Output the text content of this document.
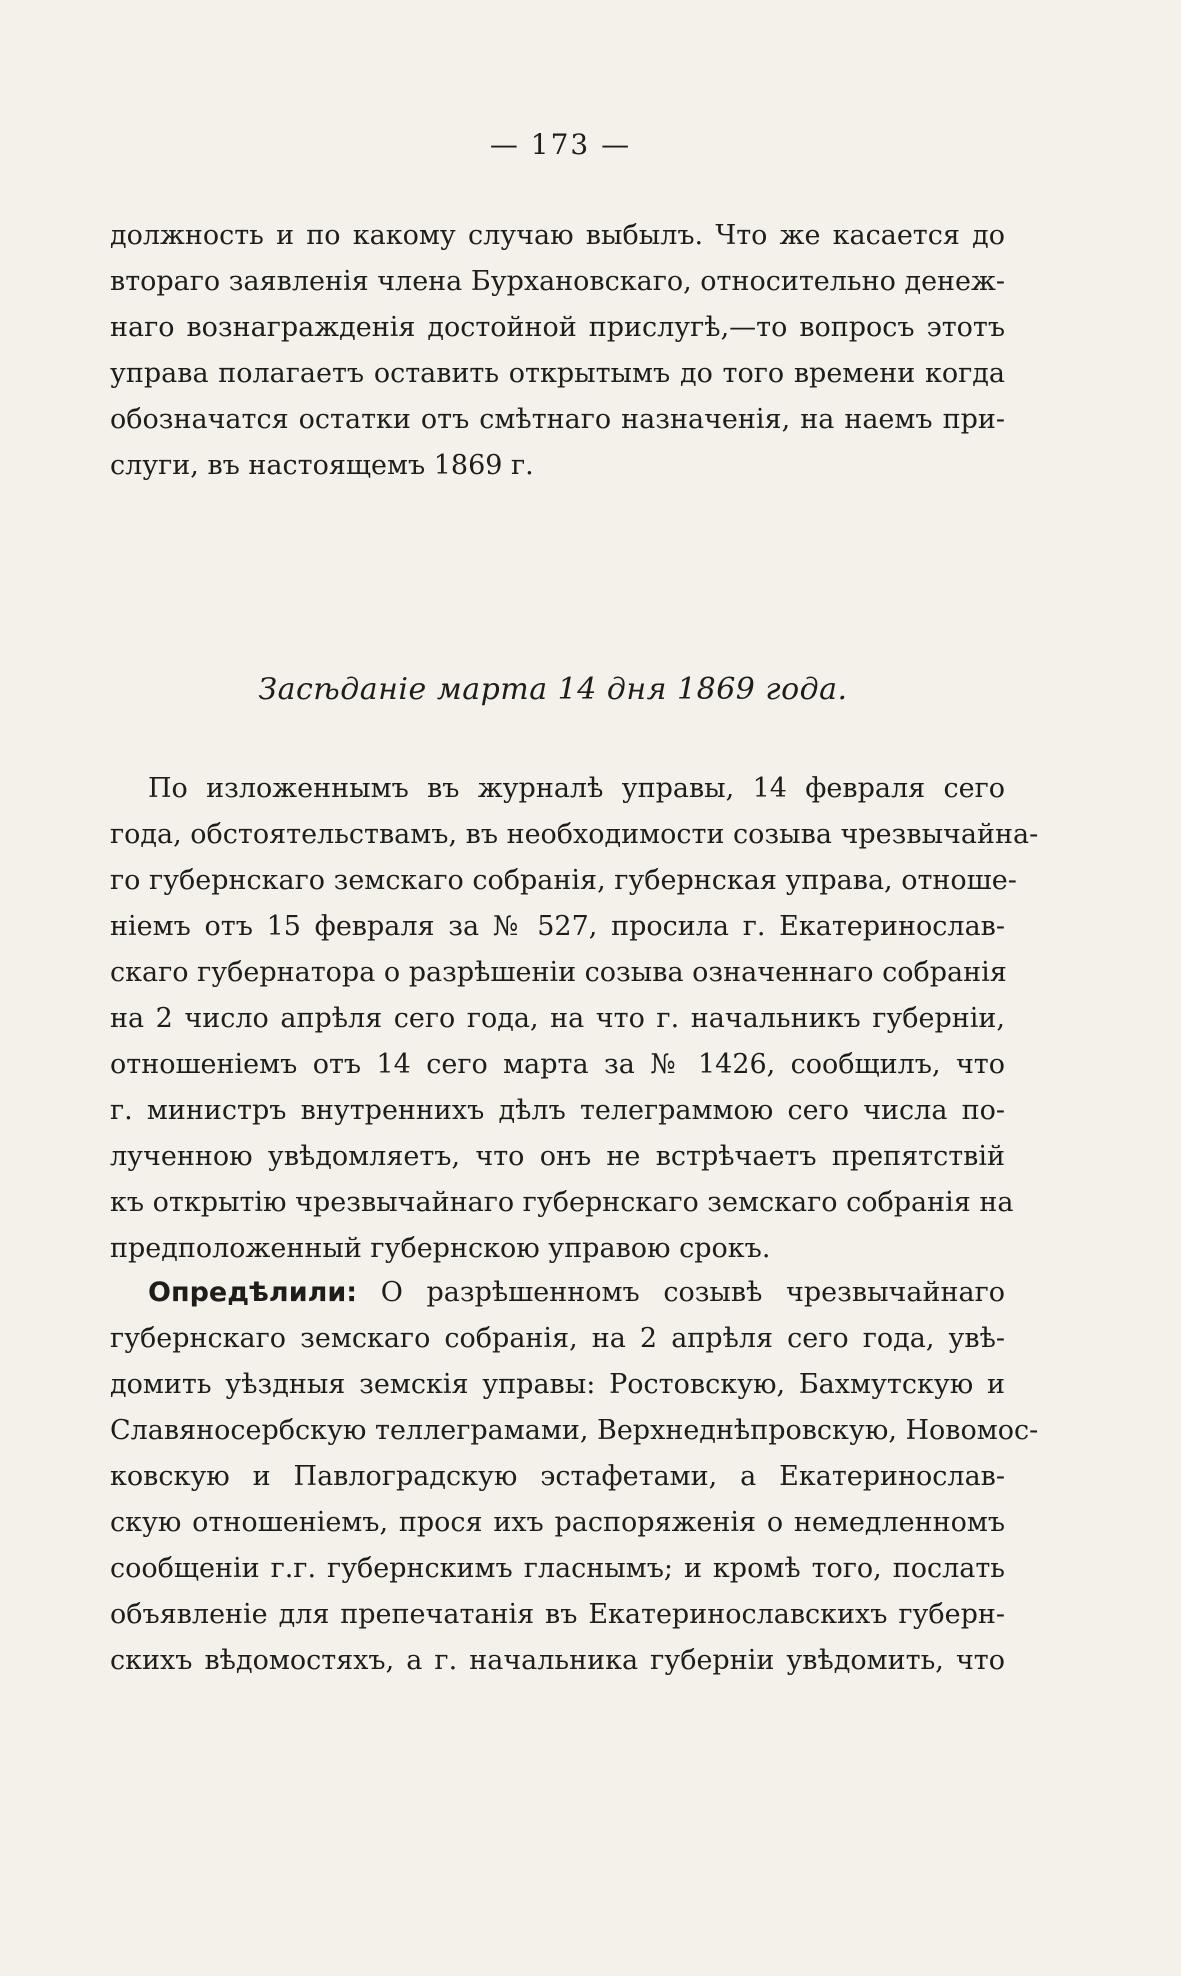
— 173 —
должность и по какому случаю выбылъ. Что же касается до
втораго заявленія члена Бурхановскаго, относительно денеж-
наго вознагражденія достойной прислугѣ,—то вопросъ этотъ
управа полагаетъ оставить открытымъ до того времени когда
обозначатся остатки отъ смѣтнаго назначенія, на наемъ при-
слуги, въ настоящемъ 1869 г.
Засѣданіе марта 14 дня 1869 года.
По изложеннымъ въ журналѣ управы, 14 февраля сего
года, обстоятельствамъ, въ необходимости созыва чрезвычайна-
го губернскаго земскаго собранія, губернская управа, отноше-
ніемъ отъ 15 февраля за № 527, просила г. Екатеринослав-
скаго губернатора о разрѣшеніи созыва означеннаго собранія
на 2 число апрѣля сего года, на что г. начальникъ губерніи,
отношеніемъ отъ 14 сего марта за № 1426, сообщилъ, что
г. министръ внутреннихъ дѣлъ телеграммою сего числа по-
лученною увѣдомляетъ, что онъ не встрѣчаетъ препятствій
къ открытію чрезвычайнаго губернскаго земскаго собранія на
предположенный губернскою управою срокъ.
Опредѣлили: О разрѣшенномъ созывѣ чрезвычайнаго
губернскаго земскаго собранія, на 2 апрѣля сего года, увѣ-
домить уѣздныя земскія управы: Ростовскую, Бахмутскую и
Славяносербскую теллеграмами, Верхнеднѣпровскую, Новомос-
ковскую и Павлоградскую эстафетами, а Екатеринослав-
скую отношеніемъ, прося ихъ распоряженія о немедленномъ
сообщеніи г.г. губернскимъ гласнымъ; и кромѣ того, послать
объявленіе для препечатанія въ Екатеринославскихъ губерн-
скихъ вѣдомостяхъ, а г. начальника губерніи увѣдомить, что
